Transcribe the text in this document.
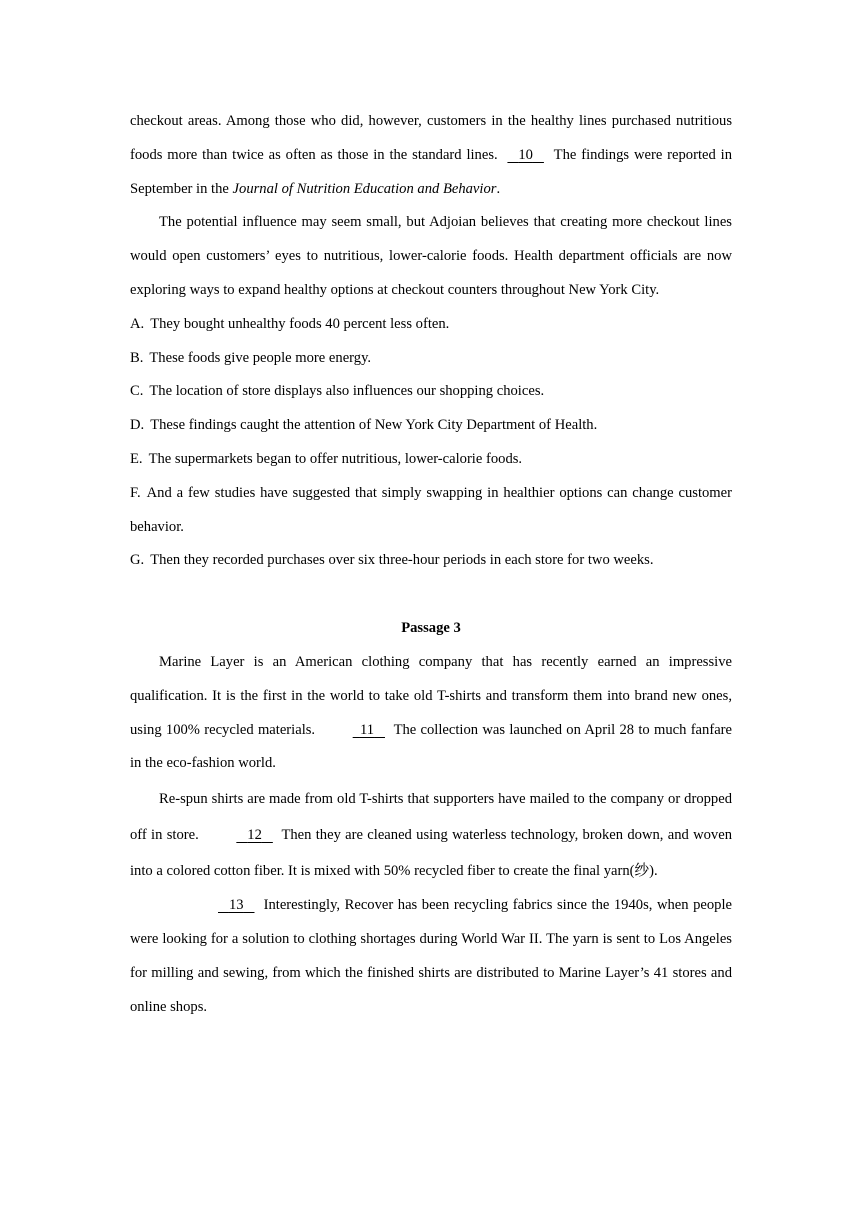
checkout areas. Among those who did, however, customers in the healthy lines purchased nutritious foods more than twice as often as those in the standard lines. 10 The findings were reported in September in the Journal of Nutrition Education and Behavior.

The potential influence may seem small, but Adjoian believes that creating more checkout lines would open customers’ eyes to nutritious, lower-calorie foods. Health department officials are now exploring ways to expand healthy options at checkout counters throughout New York City.

A. They bought unhealthy foods 40 percent less often.

B. These foods give people more energy.

C. The location of store displays also influences our shopping choices.

D. These findings caught the attention of New York City Department of Health.

E. The supermarkets began to offer nutritious, lower-calorie foods.

F. And a few studies have suggested that simply swapping in healthier options can change customer behavior.

G. Then they recorded purchases over six three-hour periods in each store for two weeks.

Passage 3

Marine Layer is an American clothing company that has recently earned an impressive qualification. It is the first in the world to take old T-shirts and transform them into brand new ones, using 100% recycled materials.	11 The collection was launched on April 28 to much fanfare in the eco-fashion world.

Re-spun shirts are made from old T-shirts that supporters have mailed to the company or dropped off in store.	12 Then they are cleaned using waterless technology, broken down, and woven into a colored cotton fiber. It is mixed with 50% recycled fiber to create the final yarn(纱).

13 Interestingly, Recover has been recycling fabrics since the 1940s, when people were looking for a solution to clothing shortages during World War II. The yarn is sent to Los Angeles for milling and sewing, from which the finished shirts are distributed to Marine Layer’s 41 stores and online shops.
